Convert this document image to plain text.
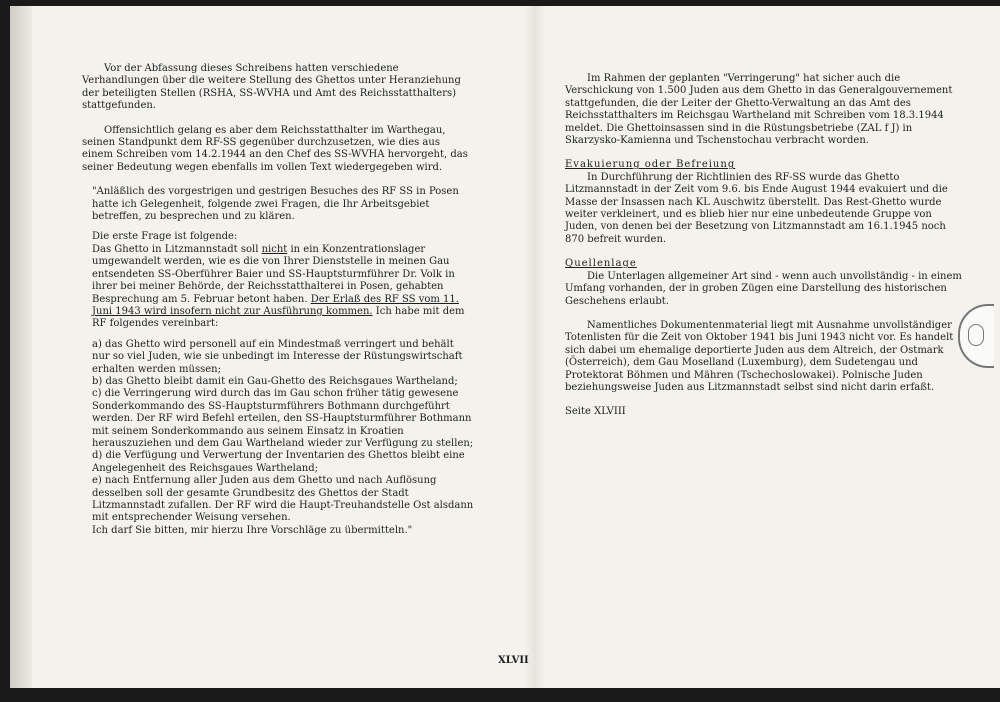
Vor der Abfassung dieses Schreibens hatten verschiedene Verhandlungen über die weitere Stellung des Ghettos unter Heranziehung der beteiligten Stellen (RSHA, SS-WVHA und Amt des Reichsstatthalters) stattgefunden.

Offensichtlich gelang es aber dem Reichsstatthalter im Warthegau, seinen Standpunkt dem RF-SS gegenüber durchzusetzen, wie dies aus einem Schreiben vom 14.2.1944 an den Chef des SS-WVHA hervorgeht, das seiner Bedeutung wegen ebenfalls im vollen Text wiedergegeben wird.

"Anläßlich des vorgestrigen und gestrigen Besuches des RF SS in Posen hatte ich Gelegenheit, folgende zwei Fragen, die Ihr Arbeitsgebiet betreffen, zu besprechen und zu klären.

Die erste Frage ist folgende:

Das Ghetto in Litzmannstadt soll nicht in ein Konzentrationslager umgewandelt werden, wie es die von Ihrer Dienststelle in meinen Gau entsendeten SS-Oberführer Baier und SS-Hauptsturmführer Dr. Volk in ihrer bei meiner Behörde, der Reichsstatthalterei in Posen, gehabten Besprechung am 5. Februar betont haben. Der Erlaß des RF SS vom 11. Juni 1943 wird insofern nicht zur Ausführung kommen. Ich habe mit dem RF folgendes vereinbart:

a) das Ghetto wird personell auf ein Mindestmaß verringert und behält nur so viel Juden, wie sie unbedingt im Interesse der Rüstungswirtschaft erhalten werden müssen;

b) das Ghetto bleibt damit ein Gau-Ghetto des Reichsgaues Wartheland;

c) die Verringerung wird durch das im Gau schon früher tätig gewesene Sonderkommando des SS-Hauptsturmführers Bothmann durchgeführt werden. Der RF wird Befehl erteilen, den SS-Hauptsturmführer Bothmann mit seinem Sonderkommando aus seinem Einsatz in Kroatien herauszuziehen und dem Gau Wartheland wieder zur Verfügung zu stellen;

d) die Verfügung und Verwertung der Inventarien des Ghettos bleibt eine Angelegenheit des Reichsgaues Wartheland;

e) nach Entfernung aller Juden aus dem Ghetto und nach Auflösung desselben soll der gesamte Grundbesitz des Ghettos der Stadt Litzmannstadt zufallen. Der RF wird die Haupt-Treuhandstelle Ost alsdann mit entsprechender Weisung versehen.

Ich darf Sie bitten, mir hierzu Ihre Vorschläge zu übermitteln."

Im Rahmen der geplanten "Verringerung" hat sicher auch die Verschickung von 1.500 Juden aus dem Ghetto in das Generalgouvernement stattgefunden, die der Leiter der Ghetto-Verwaltung an das Amt des Reichsstatthalters im Reichsgau Wartheland mit Schreiben vom 18.3.1944 meldet. Die Ghettoinsassen sind in die Rüstungsbetriebe (ZAL f J) in Skarzysko-Kamienna und Tschenstochau verbracht worden.

Evakuierung oder Befreiung

In Durchführung der Richtlinien des RF-SS wurde das Ghetto Litzmannstadt in der Zeit vom 9.6. bis Ende August 1944 evakuiert und die Masse der Insassen nach KL Auschwitz überstellt. Das Rest-Ghetto wurde weiter verkleinert, und es blieb hier nur eine unbedeutende Gruppe von Juden, von denen bei der Besetzung von Litzmannstadt am 16.1.1945 noch 870 befreit wurden.

Quellenlage

Die Unterlagen allgemeiner Art sind - wenn auch unvollständig - in einem Umfang vorhanden, der in groben Zügen eine Darstellung des historischen Geschehens erlaubt.

Namentliches Dokumentenmaterial liegt mit Ausnahme unvollständiger Totenlisten für die Zeit von Oktober 1941 bis Juni 1943 nicht vor. Es handelt sich dabei um ehemalige deportierte Juden aus dem Altreich, der Ostmark (Österreich), dem Gau Moselland (Luxemburg), dem Sudetengau und Protektorat Böhmen und Mähren (Tschechoslowakei). Polnische Juden beziehungsweise Juden aus Litzmannstadt selbst sind nicht darin erfaßt.

Seite XLVIII

XLVII
